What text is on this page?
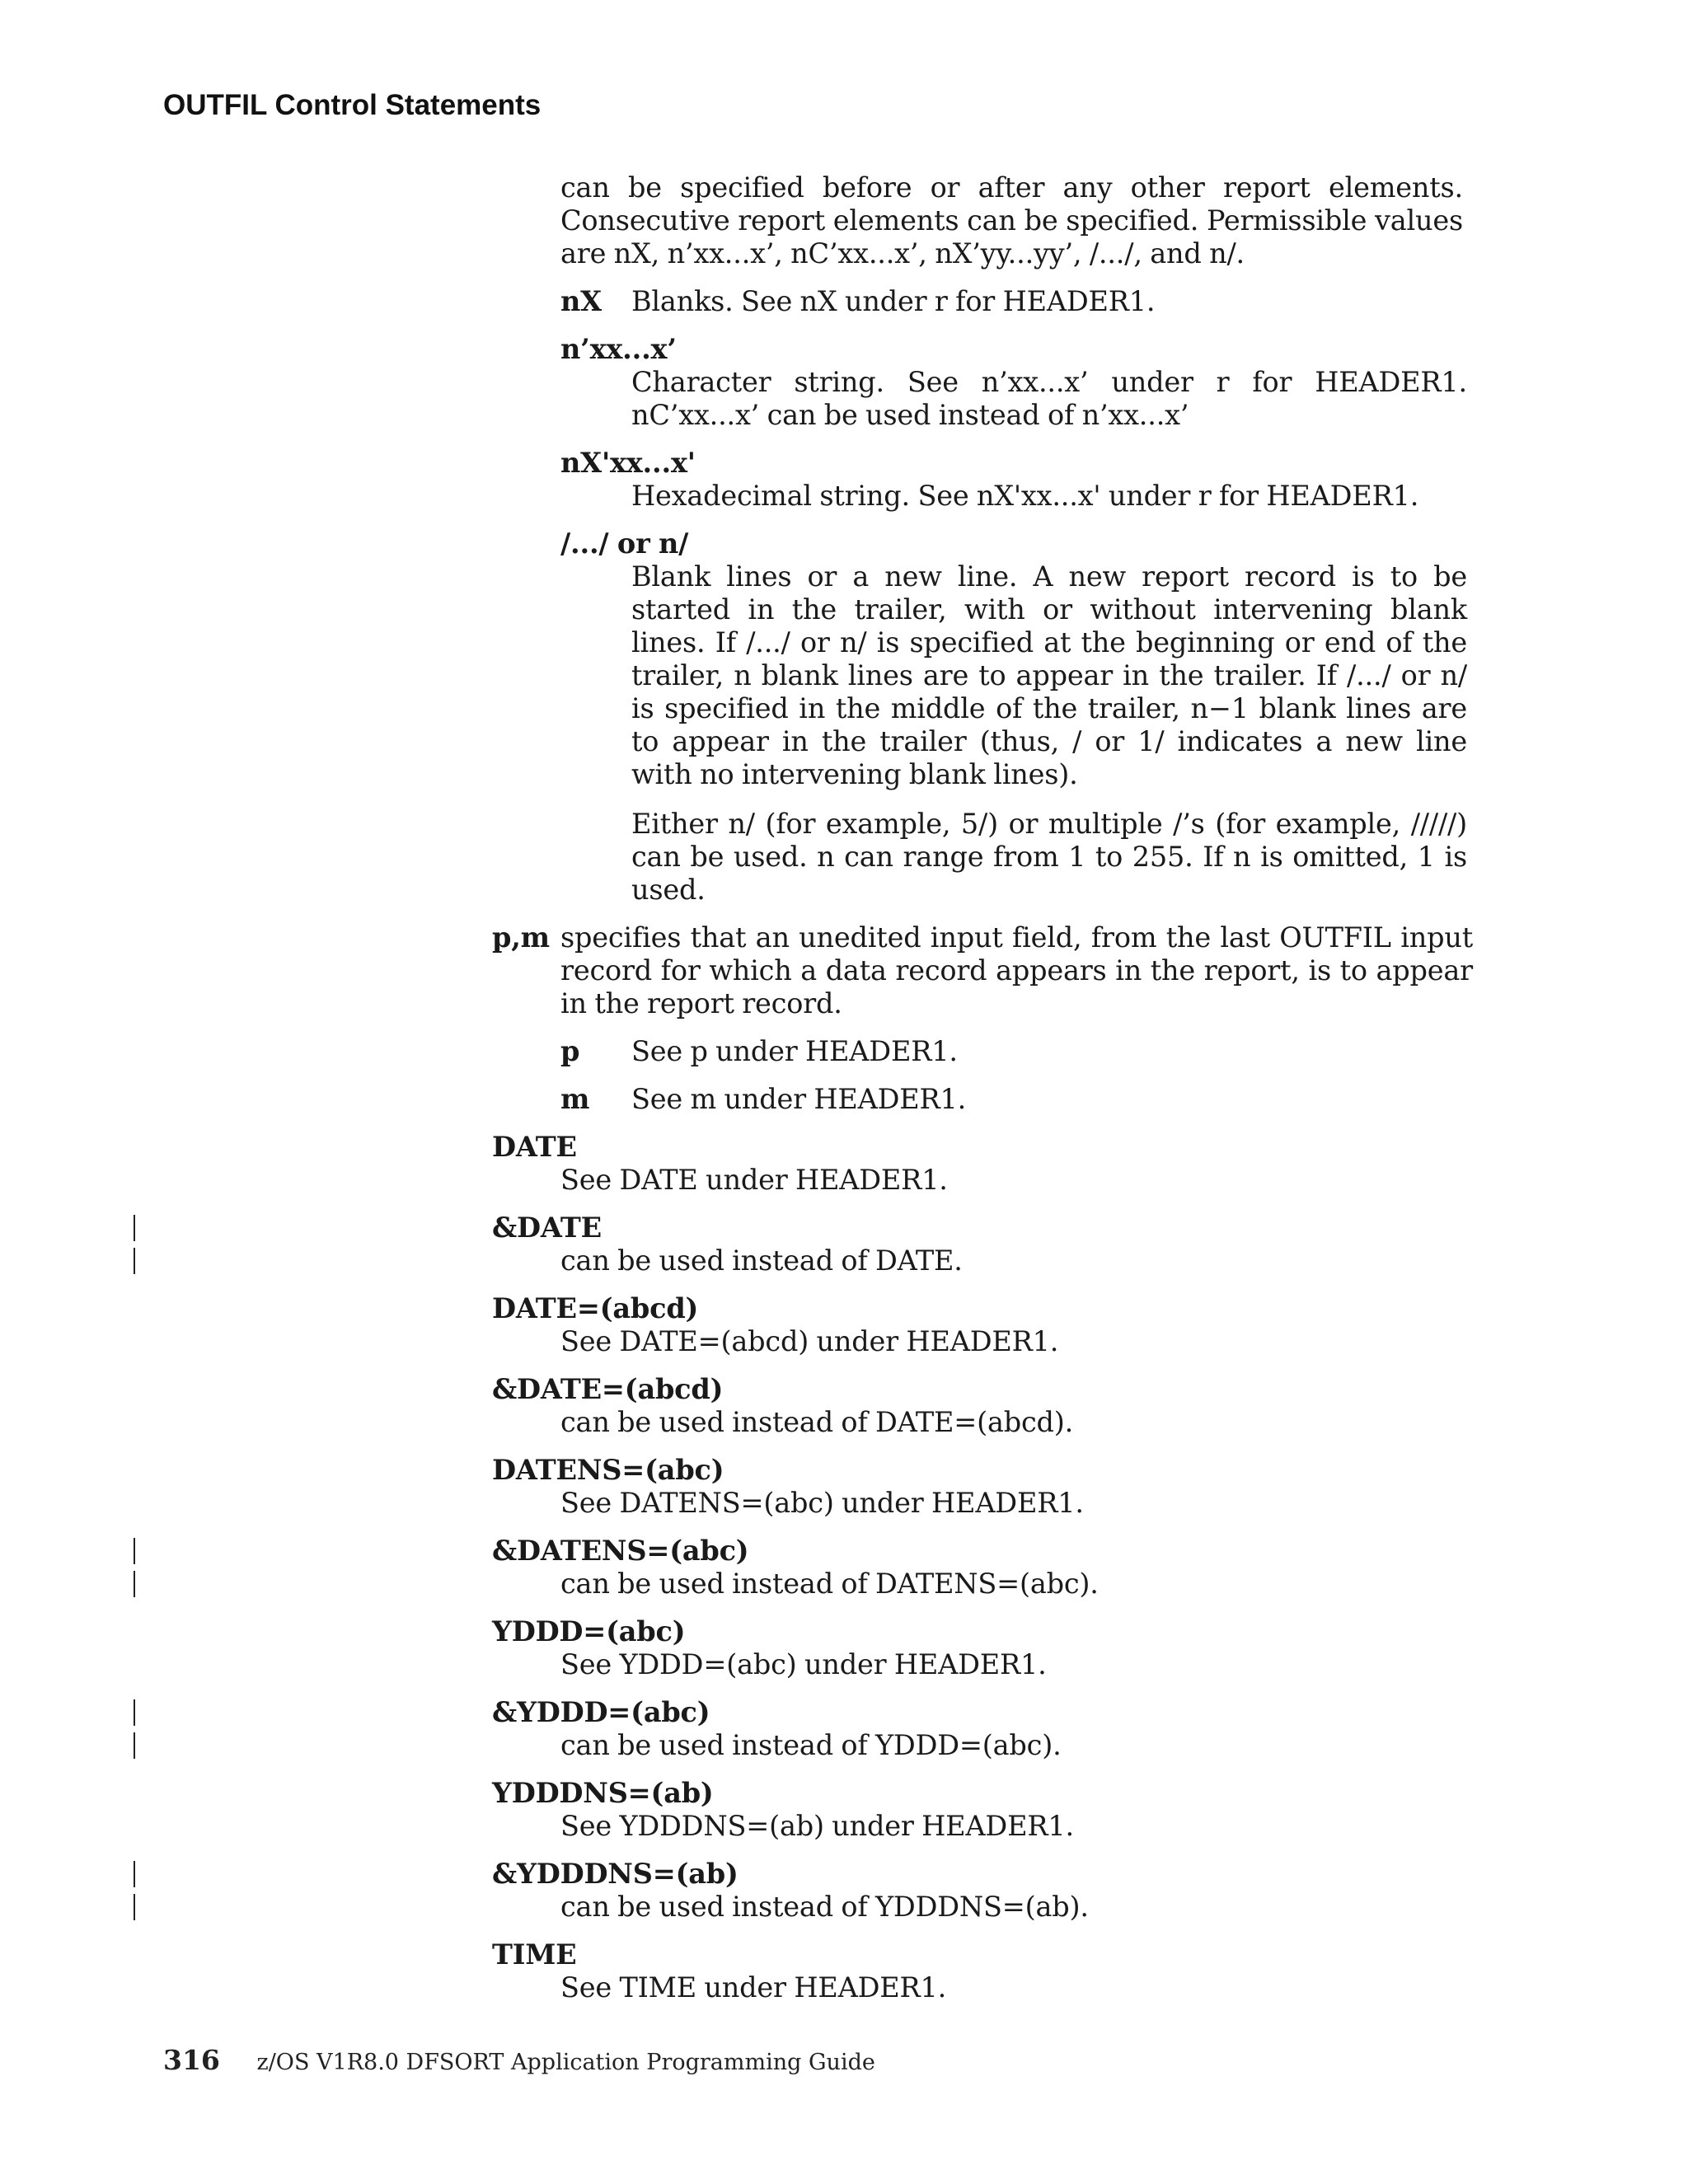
OUTFIL Control Statements
can be specified before or after any other report elements. Consecutive report elements can be specified. Permissible values are nX, n’xx...x’, nC’xx...x’, nX’yy...yy’, /.../, and n/.
nX Blanks. See nX under r for HEADER1.
n’xx...x’
Character string. See n’xx...x’ under r for HEADER1. nC’xx...x’ can be used instead of n’xx...x’
nX'xx...x'
Hexadecimal string. See nX'xx...x' under r for HEADER1.
/.../ or n/
Blank lines or a new line. A new report record is to be started in the trailer, with or without intervening blank lines. If /.../ or n/ is specified at the beginning or end of the trailer, n blank lines are to appear in the trailer. If /.../ or n/ is specified in the middle of the trailer, n−1 blank lines are to appear in the trailer (thus, / or 1/ indicates a new line with no intervening blank lines).
Either n/ (for example, 5/) or multiple /’s (for example, /////) can be used. n can range from 1 to 255. If n is omitted, 1 is used.
p,m specifies that an unedited input field, from the last OUTFIL input record for which a data record appears in the report, is to appear in the report record.
p See p under HEADER1.
m See m under HEADER1.
DATE
See DATE under HEADER1.
&DATE
can be used instead of DATE.
DATE=(abcd)
See DATE=(abcd) under HEADER1.
&DATE=(abcd)
can be used instead of DATE=(abcd).
DATENS=(abc)
See DATENS=(abc) under HEADER1.
&DATENS=(abc)
can be used instead of DATENS=(abc).
YDDD=(abc)
See YDDD=(abc) under HEADER1.
&YDDD=(abc)
can be used instead of YDDD=(abc).
YDDDNS=(ab)
See YDDDNS=(ab) under HEADER1.
&YDDDNS=(ab)
can be used instead of YDDDNS=(ab).
TIME
See TIME under HEADER1.
316 z/OS V1R8.0 DFSORT Application Programming Guide
